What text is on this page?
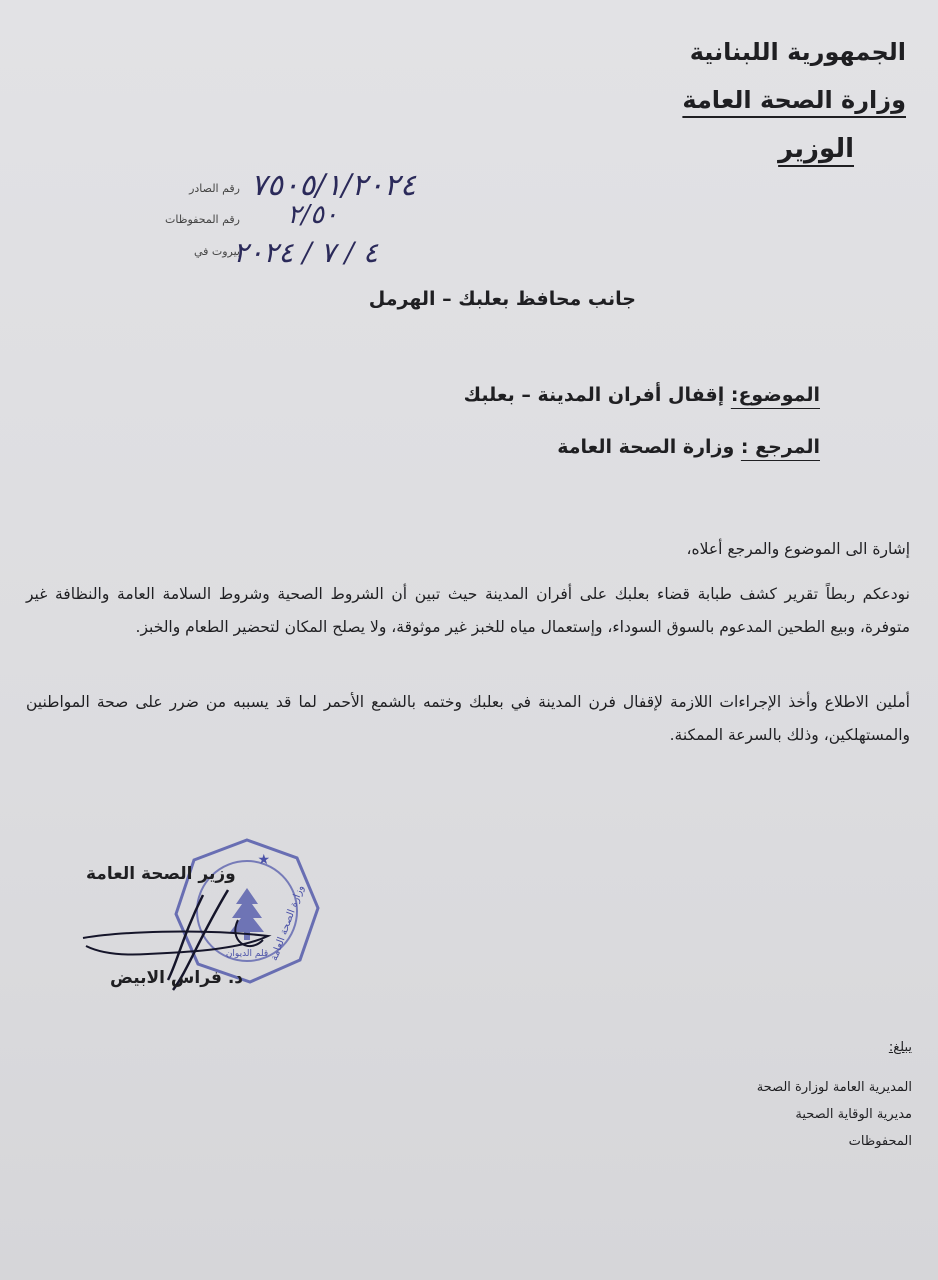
الجمهورية اللبنانية
وزارة الصحة العامة
الوزير
رقم الصادر ٧٥٠٥/١/٢٠٢٤
رقم المحفوظات ٢/٥٠
بيروت في
٤ / ٧ / ٢٠٢٤
جانب محافظ بعلبك – الهرمل
الموضوع: إقفال أفران المدينة – بعلبك
المرجع : وزارة الصحة العامة
إشارة الى الموضوع والمرجع أعلاه،
نودعكم ربطاً تقرير كشف طبابة قضاء بعلبك على أفران المدينة حيث تبين أن الشروط الصحية وشروط السلامة العامة والنظافة غير متوفرة، وبيع الطحين المدعوم بالسوق السوداء، وإستعمال مياه للخبز غير موثوقة، ولا يصلح المكان لتحضير الطعام والخبز.
أملين الاطلاع وأخذ الإجراءات اللازمة لإقفال فرن المدينة في بعلبك وختمه بالشمع الأحمر لما قد يسببه من ضرر على صحة المواطنين والمستهلكين، وذلك بالسرعة الممكنة.
قلم الديوان وزارة الصحة العامة
★
وزير الصحة العامة
د. فراس الابيض
يبلغ:
المديرية العامة لوزارة الصحة
مديرية الوقاية الصحية
المحفوظات
